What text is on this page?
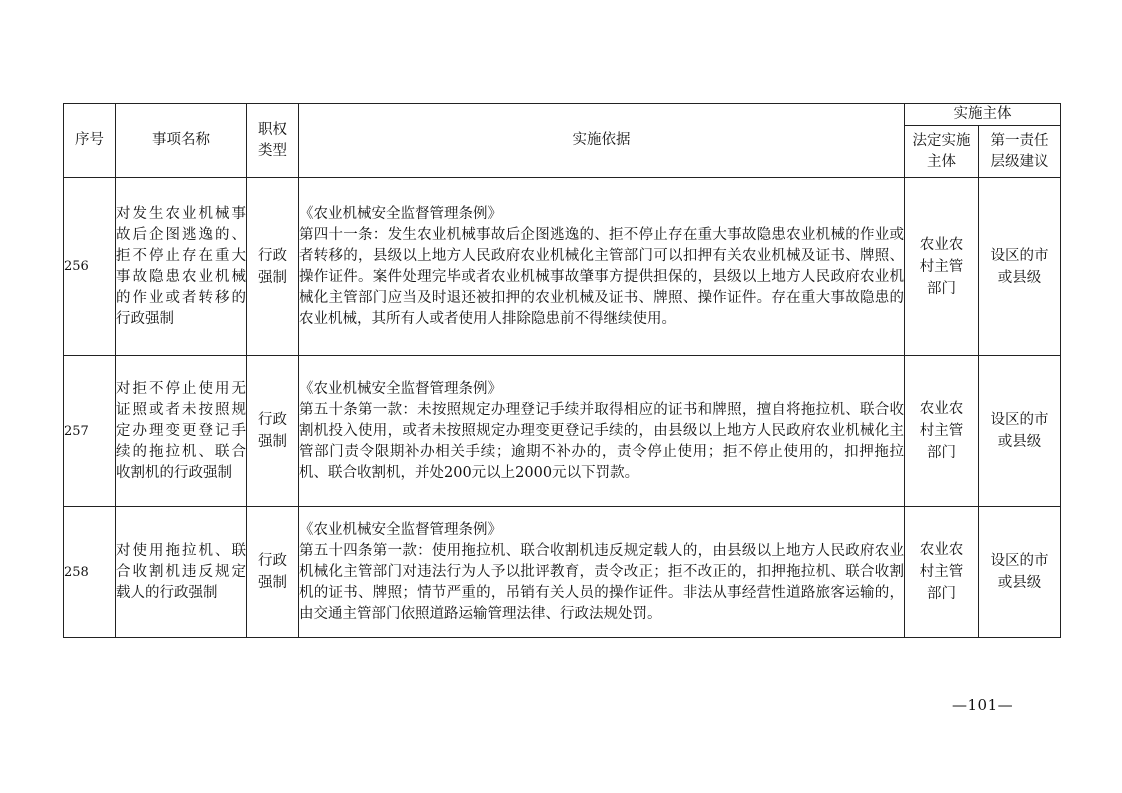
序号	事项名称	职权类型	实施依据	实施主体	

				法定实施主体	第一责任层级建议

256	对发生农业机械事故后企图逃逸的、拒不停止存在重大事故隐患农业机械的作业或者转移的行政强制	行政强制	《农业机械安全监督管理条例》
第四十一条：发生农业机械事故后企图逃逸的、拒不停止存在重大事故隐患农业机械的作业或者转移的，县级以上地方人民政府农业机械化主管部门可以扣押有关农业机械及证书、牌照、操作证件。案件处理完毕或者农业机械事故肇事方提供担保的，县级以上地方人民政府农业机械化主管部门应当及时退还被扣押的农业机械及证书、牌照、操作证件。存在重大事故隐患的农业机械，其所有人或者使用人排除隐患前不得继续使用。	农业农村主管部门	设区的市或县级

257	对拒不停止使用无证照或者未按照规定办理变更登记手续的拖拉机、联合收割机的行政强制	行政强制	《农业机械安全监督管理条例》
第五十条第一款：未按照规定办理登记手续并取得相应的证书和牌照，擅自将拖拉机、联合收割机投入使用，或者未按照规定办理变更登记手续的，由县级以上地方人民政府农业机械化主管部门责令限期补办相关手续；逾期不补办的，责令停止使用；拒不停止使用的，扣押拖拉机、联合收割机，并处200元以上2000元以下罚款。	农业农村主管部门	设区的市或县级

258	对使用拖拉机、联合收割机违反规定载人的行政强制	行政强制	《农业机械安全监督管理条例》
第五十四条第一款：使用拖拉机、联合收割机违反规定载人的，由县级以上地方人民政府农业机械化主管部门对违法行为人予以批评教育，责令改正；拒不改正的，扣押拖拉机、联合收割机的证书、牌照；情节严重的，吊销有关人员的操作证件。非法从事经营性道路旅客运输的，由交通主管部门依照道路运输管理法律、行政法规处罚。	农业农村主管部门	设区的市或县级
—101—
